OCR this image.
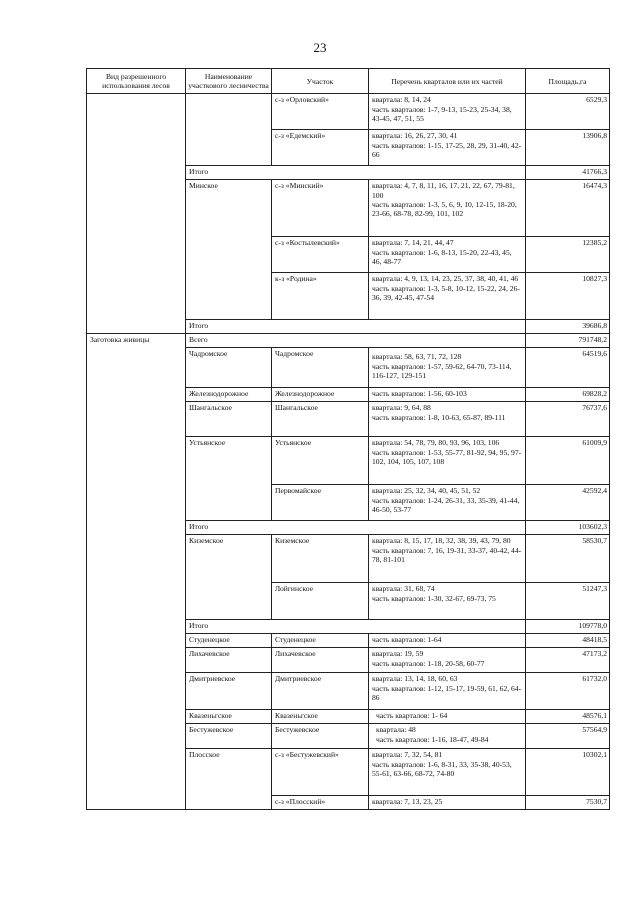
23
Вид разрешенного использования лесов	Наименование участкового лесничества	Участок	Перечень кварталов или их частей	Площадь,га
		с-з «Орловский»	квартала: 8, 14, 24
часть кварталов: 1-7, 9-13, 15-23, 25-34, 38, 43-45, 47, 51, 55	6529,3
		с-з «Едемский»	квартала: 16, 26, 27, 30, 41
часть кварталов: 1-15, 17-25, 28, 29, 31-40, 42-66	13906,8
	Итого			41766,3
	Минское	с-з «Минский»	квартала: 4, 7, 8, 11, 16, 17, 21, 22, 67, 79-81, 100
часть кварталов: 1-3, 5, 6, 9, 10, 12-15, 18-20, 23-66, 68-78, 82-99, 101, 102	16474,3
		с-з «Костылевский»	квартала: 7, 14, 21, 44, 47
часть кварталов: 1-6, 8-13, 15-20, 22-43, 45, 46, 48-77	12385,2
		к-з «Родина»	квартала: 4, 9, 13, 14, 23, 25, 37, 38, 40, 41, 46
часть кварталов: 1-3, 5-8, 10-12, 15-22, 24, 26-36, 39, 42-45, 47-54	10827,3
	Итого			39686,8
Заготовка живицы	Всего			791748,2
	Чадромское	Чадромское	квартала: 58, 63, 71, 72, 128
часть кварталов: 1-57, 59-62, 64-70, 73-114, 116-127, 129-151	64519,6
	Железнодорожное	Железнодорожное	часть кварталов: 1-56, 60-103	69828,2
	Шангальское	Шангальское	квартала: 9, 64, 88
часть кварталов: 1-8, 10-63, 65-87, 89-111	76737,6
	Устьянское	Устьянское	квартала: 54, 78, 79, 80, 93, 96, 103, 106
часть кварталов: 1-53, 55-77, 81-92, 94, 95, 97-102, 104, 105, 107, 108	61009,9
		Первомайское	квартала: 25, 32, 34, 40, 45, 51, 52
часть кварталов: 1-24, 26-31, 33, 35-39, 41-44, 46-50, 53-77	42592,4
	Итого			103602,3
	Киземское	Киземское	квартала: 8, 15, 17, 18, 32, 38, 39, 43, 79, 80
часть кварталов: 7, 16, 19-31, 33-37, 40-42, 44-78, 81-101	58530,7
		Лойгинское	квартала: 31, 68, 74
часть кварталов: 1-30, 32-67, 69-73, 75	51247,3
	Итого			109778,0
	Студенецкое	Студенецкое	часть кварталов: 1-64	48418,5
	Лихачевское	Лихачевское	квартала: 19, 59
часть кварталов: 1-18, 20-58, 60-77	47173,2
	Дмитриевское	Дмитриевское	квартала: 13, 14, 18, 60, 63
часть кварталов: 1-12, 15-17, 19-59, 61, 62, 64-86	61732,0
	Квазеньгское	Квазеньгское	часть кварталов: 1- 64	48576,1
	Бестужевское	Бестужевское	квартала: 48
часть кварталов: 1-16, 18-47, 49-84	57564,9
	Плосское	с-з «Бестужевский»	квартала: 7, 32, 54, 81
часть кварталов: 1-6, 8-31, 33, 35-38, 40-53, 55-61, 63-66, 68-72, 74-80	10302,1
		с-з «Плосский»	квартала: 7, 13, 23, 25	7530,7
